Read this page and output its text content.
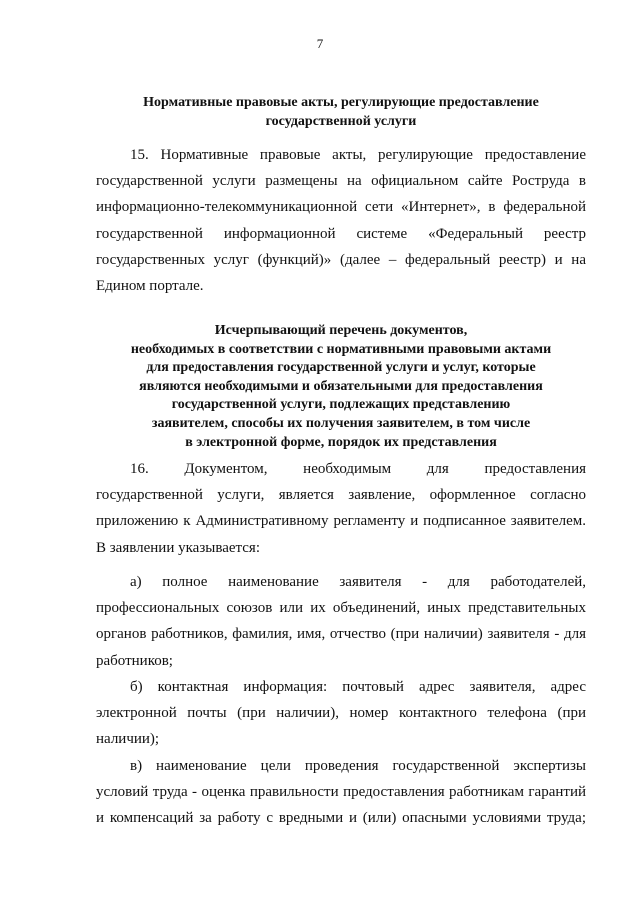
7
Нормативные правовые акты, регулирующие предоставление
государственной услуги
15. Нормативные правовые акты, регулирующие предоставление
государственной услуги размещены на официальном сайте Роструда в
информационно-телекоммуникационной сети «Интернет», в федеральной
государственной информационной системе «Федеральный реестр
государственных услуг (функций)» (далее – федеральный реестр) и на
Едином портале.
Исчерпывающий перечень документов,
необходимых в соответствии с нормативными правовыми актами
для предоставления государственной услуги и услуг, которые
являются необходимыми и обязательными для предоставления
государственной услуги, подлежащих представлению
заявителем, способы их получения заявителем, в том числе
в электронной форме, порядок их представления
16. Документом, необходимым для предоставления
государственной услуги, является заявление, оформленное согласно
приложению к Административному регламенту и подписанное заявителем.
В заявлении указывается:
а) полное наименование заявителя - для работодателей,
профессиональных союзов или их объединений, иных представительных
органов работников, фамилия, имя, отчество (при наличии) заявителя - для
работников;
б) контактная информация: почтовый адрес заявителя, адрес
электронной почты (при наличии), номер контактного телефона (при
наличии);
в) наименование цели проведения государственной экспертизы
условий труда - оценка правильности предоставления работникам гарантий
и компенсаций за работу с вредными и (или) опасными условиями труда;
